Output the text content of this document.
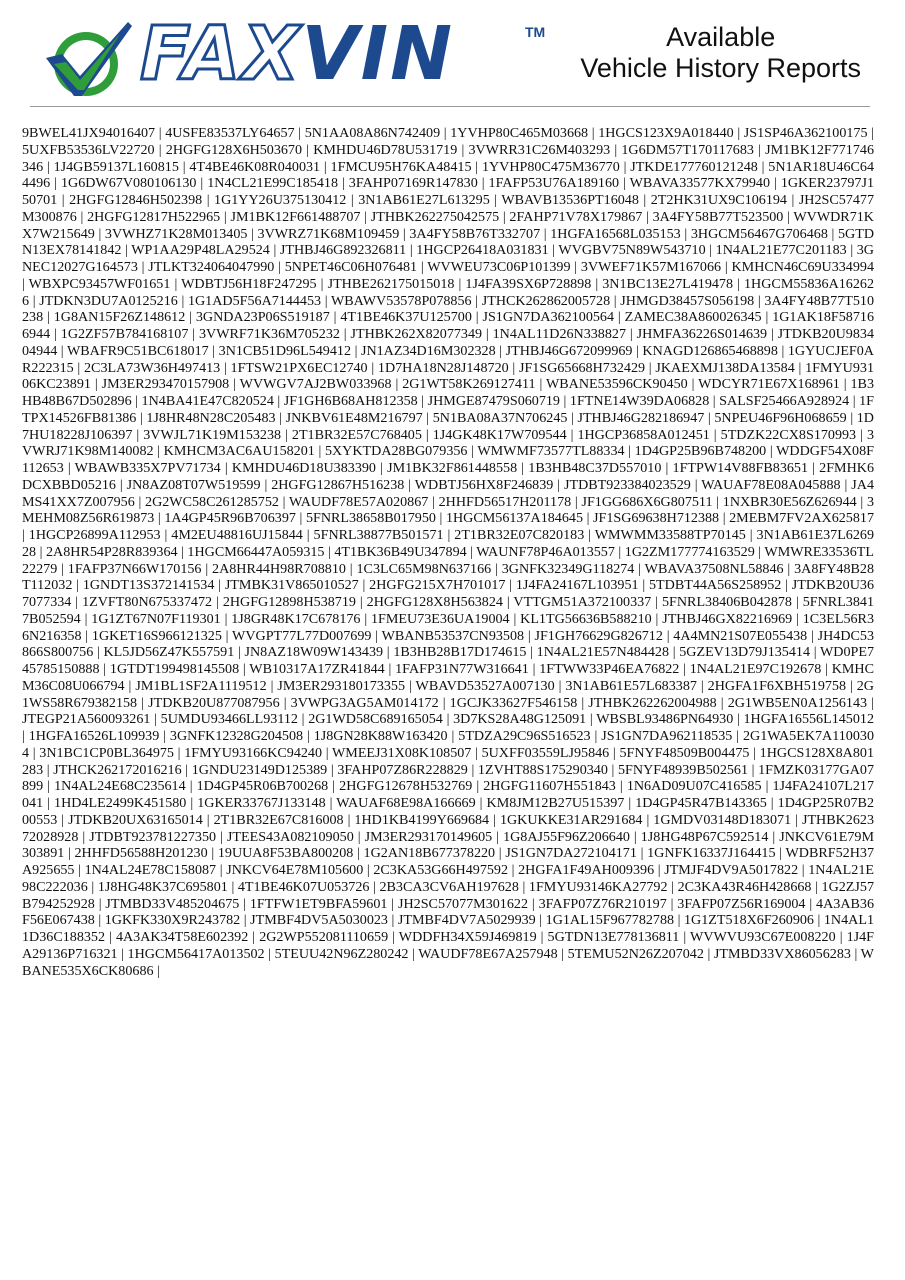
FAXVIN	TM	Available
Vehicle History Reports
9BWEL41JX94016407 | 4USFE83537LY64657 | 5N1AA08A86N742409 | 1YVHP80C465M03668 | 1HGCS123X9A018440 | JS1SP46A362100175 | 5UXFB53536LV22720 | 2HGFG128X6H503670 | KMHDU46D78U531719 | 3VWRR31C26M403293 | 1G6DM57T170117683 | JM1BK12F771746346 | 1J4GB59137L160815 | 4T4BE46K08R040031 | 1FMCU95H76KA48415 | 1YVHP80C475M36770 | JTKDE177760121248 | 5N1AR18U46C644496 | 1G6DW67V080106130 | 1N4CL21E99C185418 | 3FAHP07169R147830 | 1FAFP53U76A189160 | WBAVA33577KX79940 | 1GKER23797J150701 | 2HGFG12846H502398 | 1G1YY26U375130412 | 3N1AB61E27L613295 | WBAVB13536PT16048 | 2T2HK31UX9C106194 | JH2SC57477M300876 | 2HGFG12817H522965 | JM1BK12F661488707 | JTHBK262275042575 | 2FAHP71V78X179867 | 3A4FY58B77T523500 | WVWDR71KX7W215649 | 3VWHZ71K28M013405 | 3VWRZ71K68M109459 | 3A4FY58B76T332707 | 1HGFA16568L035153 | 3HGCM56467G706468 | 5GTDN13EX78141842 | WP1AA29P48LA29524 | JTHBJ46G892326811 | 1HGCP26418A031831 | WVGBV75N89W543710 | 1N4AL21E77C201183 | 3GNEC12027G164573 | JTLKT324064047990 | 5NPET46C06H076481 | WVWEU73C06P101399 | 3VWEF71K57M167066 | KMHCN46C69U334994 | WBXPC93457WF01651 | WDBTJ56H18F247295 | JTHBE262175015018 | 1J4FA39SX6P728898 | 3N1BC13E27L419478 | 1HGCM55836A162626 | JTDKN3DU7A0125216 | 1G1AD5F56A7144453 | WBAWV53578P078856 | JTHCK262862005728 | JHMGD38457S056198 | 3A4FY48B77T510238 | 1G8AN15F26Z148612 | 3GNDA23P06S519187 | 4T1BE46K37U125700 | JS1GN7DA362100564 | ZAMEC38A860026345 | 1G1AK18F587166944 | 1G2ZF57B784168107 | 3VWRF71K36M705232 | JTHBK262X82077349 | 1N4AL11D26N338827 | JHMFA36226S014639 | JTDKB20U983404944 | WBAFR9C51BC618017 | 3N1CB51D96L549412 | JN1AZ34D16M302328 | JTHBJ46G672099969 | KNAGD126865468898 | 1GYUCJEF0AR222315 | 2C3LA73W36H497413 | 1FTSW21PX6EC12740 | 1D7HA18N28J148720 | JF1SG65668H732429 | JKAEXMJ138DA13584 | 1FMYU93106KC23891 | JM3ER293470157908 | WVWGV7AJ2BW033968 | 2G1WT58K269127411 | WBANE53596CK90450 | WDCYR71E67X168961 | 1B3HB48B67D502896 | 1N4BA41E47C820524 | JF1GH6B68AH812358 | JHMGE87479S060719 | 1FTNE14W39DA06828 | SALSF25466A928924 | 1FTPX14526FB81386 | 1J8HR48N28C205483 | JNKBV61E48M216797 | 5N1BA08A37N706245 | JTHBJ46G282186947 | 5NPEU46F96H068659 | 1D7HU18228J106397 | 3VWJL71K19M153238 | 2T1BR32E57C768405 | 1J4GK48K17W709544 | 1HGCP36858A012451 | 5TDZK22CX8S170993 | 3VWRJ71K98M140082 | KMHCM3AC6AU158201 | 5XYKTDA28BG079356 | WMWMF73577TL88334 | 1D4GP25B96B748200 | WDDGF54X08F112653 | WBAWB335X7PV71734 | KMHDU46D18U383390 | JM1BK32F861448558 | 1B3HB48C37D557010 | 1FTPW14V88FB83651 | 2FMHK6DCXBBD05216 | JN8AZ08T07W519599 | 2HGFG12867H516238 | WDBTJ56HX8F246839 | JTDBT923384023529 | WAUAF78E08A045888 | JA4MS41XX7Z007956 | 2G2WC58C261285752 | WAUDF78E57A020867 | 2HHFD56517H201178 | JF1GG686X6G807511 | 1NXBR30E56Z626944 | 3MEHM08Z56R619873 | 1A4GP45R96B706397 | 5FNRL38658B017950 | 1HGCM56137A184645 | JF1SG69638H712388 | 2MEBM7FV2AX625817 | 1HGCP26899A112953 | 4M2EU48816UJ15844 | 5FNRL38877B501571 | 2T1BR32E07C820183 | WMWMM33588TP70145 | 3N1AB61E37L626928 | 2A8HR54P28R839364 | 1HGCM66447A059315 | 4T1BK36B49U347894 | WAUNF78P46A013557 | 1G2ZM177774163529 | WMWRE33536TL22279 | 1FAFP37N66W170156 | 2A8HR44H98R708810 | 1C3LC65M98N637166 | 3GNFK32349G118274 | WBAVA37508NL58846 | 3A8FY48B28T112032 | 1GNDT13S372141534 | JTMBK31V865010527 | 2HGFG215X7H701017 | 1J4FA24167L103951 | 5TDBT44A56S258952 | JTDKB20U367077334 | 1ZVFT80N675337472 | 2HGFG12898H538719 | 2HGFG128X8H563824 | VTTGM51A372100337 | 5FNRL38406B042878 | 5FNRL38417B052594 | 1G1ZT67N07F119301 | 1J8GR48K17C678176 | 1FMEU73E36UA19004 | KL1TG56636B588210 | JTHBJ46GX82216969 | 1C3EL56R36N216358 | 1GKET16S966121325 | WVGPT77L77D007699 | WBANB53537CN93508 | JF1GH76629G826712 | 4A4MN21S07E055438 | JH4DC53866S800756 | KL5JD56Z47K557591 | JN8AZ18W09W143439 | 1B3HB28B17D174615 | 1N4AL21E57N484428 | 5GZEV13D79J135414 | WD0PE745785150888 | 1GTDT199498145508 | WB10317A17ZR41844 | 1FAFP31N77W316641 | 1FTWW33P46EA76822 | 1N4AL21E97C192678 | KMHCM36C08U066794 | JM1BL1SF2A1119512 | JM3ER293180173355 | WBAVD53527A007130 | 3N1AB61E57L683387 | 2HGFA1F6XBH519758 | 2G1WS58R679382158 | JTDKB20U877087956 | 3VWPG3AG5AM014172 | 1GCJK33627F546158 | JTHBK262262004988 | 2G1WB5EN0A1256143 | JTEGP21A560093261 | 5UMDU93466LL93112 | 2G1WD58C689165054 | 3D7KS28A48G125091 | WBSBL93486PN64930 | 1HGFA16556L145012 | 1HGFA16526L109939 | 3GNFK12328G204508 | 1J8GN28K88W163420 | 5TDZA29C96S516523 | JS1GN7DA962118535 | 2G1WA5EK7A1100304 | 3N1BC1CP0BL364975 | 1FMYU93166KC94240 | WMEEJ31X08K108507 | 5UXFF03559LJ95846 | 5FNYF48509B004475 | 1HGCS128X8A801283 | JTHCK262172016216 | 1GNDU23149D125389 | 3FAHP07Z86R228829 | 1ZVHT88S175290340 | 5FNYF48939B502561 | 1FMZK03177GA07899 | 1N4AL24E68C235614 | 1D4GP45R06B700268 | 2HGFG12678H532769 | 2HGFG11607H551843 | 1N6AD09U07C416585 | 1J4FA24107L217041 | 1HD4LE2499K451580 | 1GKER33767J133148 | WAUAF68E98A166669 | KM8JM12B27U515397 | 1D4GP45R47B143365 | 1D4GP25R07B200553 | JTDKB20UX63165014 | 2T1BR32E67C816008 | 1HD1KB4199Y669684 | 1GKUKKE31AR291684 | 1GMDV03148D183071 | JTHBK262372028928 | JTDBT923781227350 | JTEES43A082109050 | JM3ER293170149605 | 1G8AJ55F96Z206640 | 1J8HG48P67C592514 | JNKCV61E79M303891 | 2HHFD56588H201230 | 19UUA8F53BA800208 | 1G2AN18B677378220 | JS1GN7DA272104171 | 1GNFK16337J164415 | WDBRF52H37A925655 | 1N4AL24E78C158087 | JNKCV64E78M105600 | 2C3KA53G66H497592 | 2HGFA1F49AH009396 | JTMJF4DV9A5017822 | 1N4AL21E98C222036 | 1J8HG48K37C695801 | 4T1BE46K07U053726 | 2B3CA3CV6AH197628 | 1FMYU93146KA27792 | 2C3KA43R46H428668 | 1G2ZJ57B794252928 | JTMBD33V485204675 | 1FTFW1ET9BFA59601 | JH2SC57077M301622 | 3FAFP07Z76R210197 | 3FAFP07Z56R169004 | 4A3AB36F56E067438 | 1GKFK330X9R243782 | JTMBF4DV5A5030023 | JTMBF4DV7A5029939 | 1G1AL15F967782788 | 1G1ZT518X6F260906 | 1N4AL11D36C188352 | 4A3AK34T58E602392 | 2G2WP552081110659 | WDDFH34X59J469819 | 5GTDN13E778136811 | WVWVU93C67E008220 | 1J4FA29136P716321 | 1HGCM56417A013502 | 5TEUU42N96Z280242 | WAUDF78E67A257948 | 5TEMU52N26Z207042 | JTMBD33VX86056283 | WBANE535X6CK80686 |
